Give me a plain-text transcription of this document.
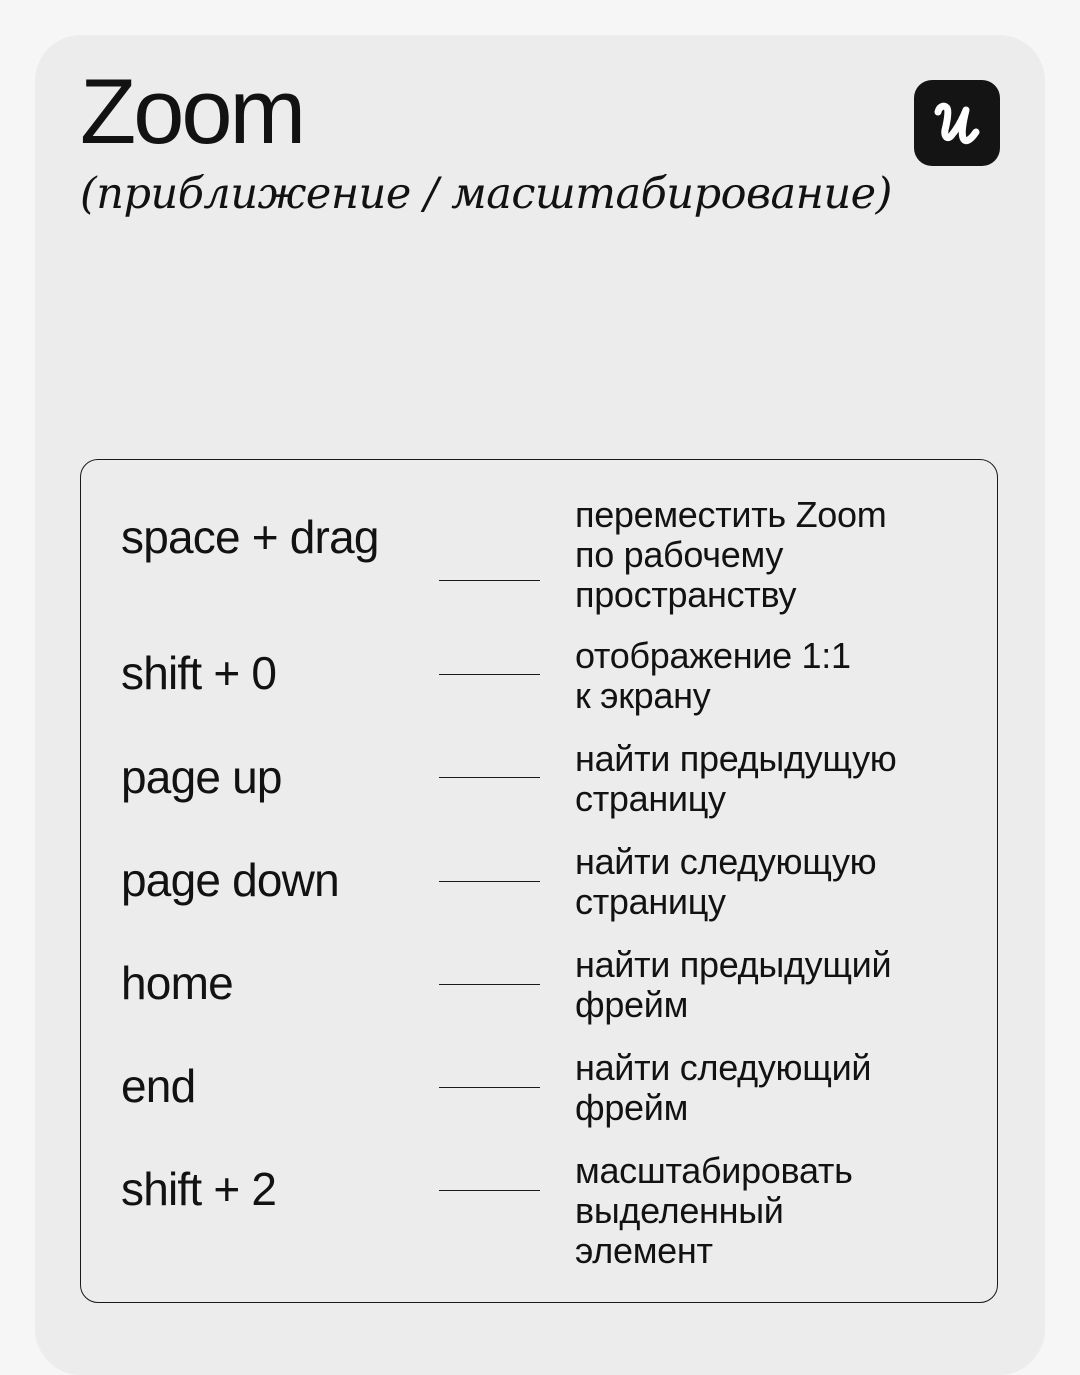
Zoom

(приближение / масштабирование)

space + drag	переместить Zoom
по рабочему
пространству
shift + 0	отображение 1:1
к экрану
page up	найти предыдущую
страницу
page down	найти следующую
страницу
home	найти предыдущий
фрейм
end	найти следующий
фрейм
shift + 2	масштабировать
выделенный
элемент
